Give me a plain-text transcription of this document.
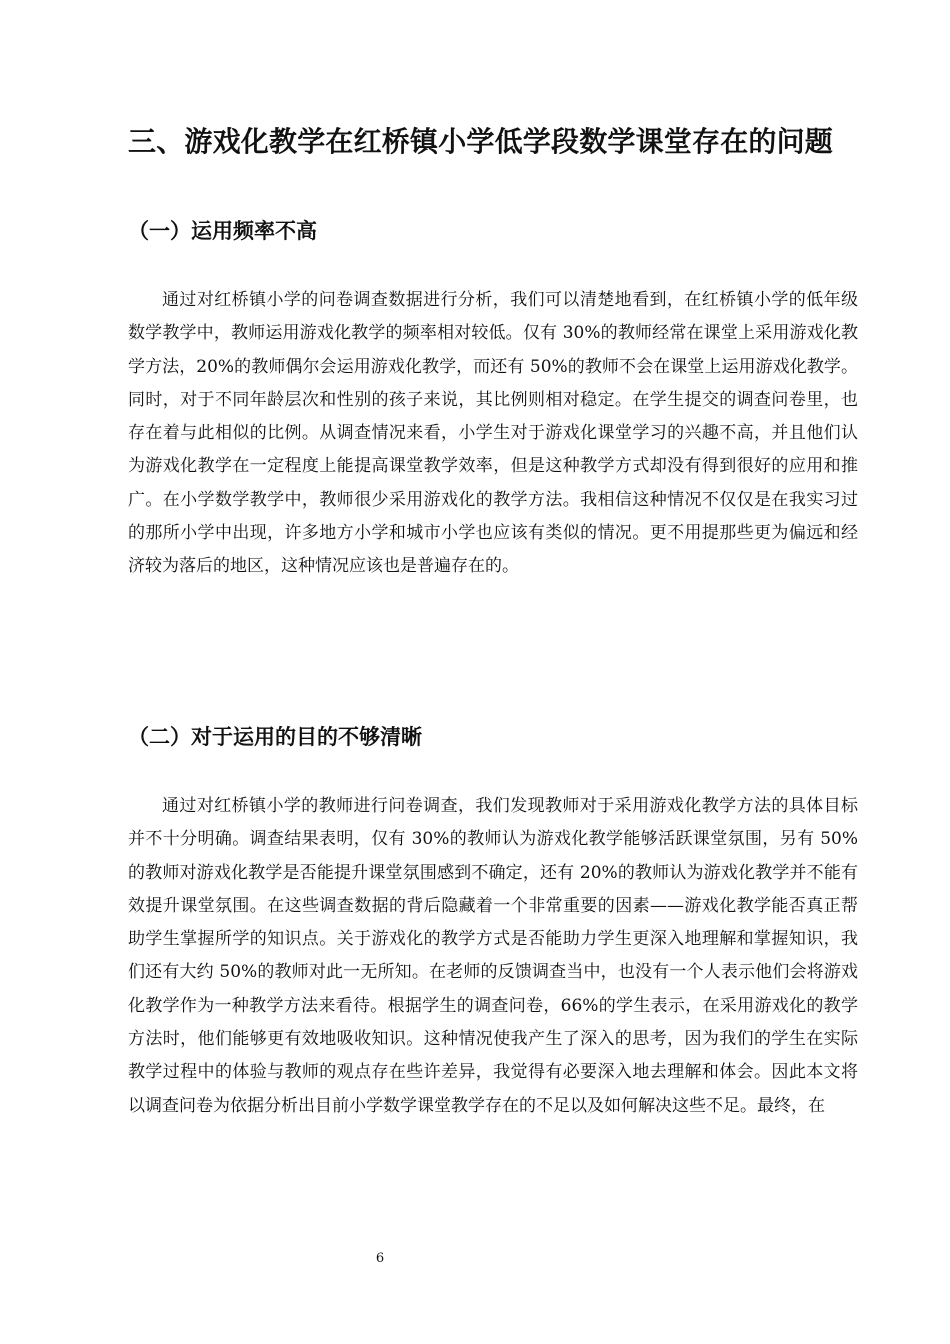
三、游戏化教学在红桥镇小学低学段数学课堂存在的问题
（一）运用频率不高

通过对红桥镇小学的问卷调查数据进行分析，我们可以清楚地看到，在红桥镇小学的低年级数学教学中，教师运用游戏化教学的频率相对较低。仅有 30%的教师经常在课堂上采用游戏化教学方法，20%的教师偶尔会运用游戏化教学，而还有 50%的教师不会在课堂上运用游戏化教学。同时，对于不同年龄层次和性别的孩子来说，其比例则相对稳定。在学生提交的调查问卷里，也存在着与此相似的比例。从调查情况来看，小学生对于游戏化课堂学习的兴趣不高，并且他们认为游戏化教学在一定程度上能提高课堂教学效率，但是这种教学方式却没有得到很好的应用和推广。在小学数学教学中，教师很少采用游戏化的教学方法。我相信这种情况不仅仅是在我实习过的那所小学中出现，许多地方小学和城市小学也应该有类似的情况。更不用提那些更为偏远和经济较为落后的地区，这种情况应该也是普遍存在的。

（二）对于运用的目的不够清晰

通过对红桥镇小学的教师进行问卷调查，我们发现教师对于采用游戏化教学方法的具体目标并不十分明确。调查结果表明，仅有 30%的教师认为游戏化教学能够活跃课堂氛围，另有 50%的教师对游戏化教学是否能提升课堂氛围感到不确定，还有 20%的教师认为游戏化教学并不能有效提升课堂氛围。在这些调查数据的背后隐藏着一个非常重要的因素——游戏化教学能否真正帮助学生掌握所学的知识点。关于游戏化的教学方式是否能助力学生更深入地理解和掌握知识，我们还有大约 50%的教师对此一无所知。在老师的反馈调查当中，也没有一个人表示他们会将游戏化教学作为一种教学方法来看待。根据学生的调查问卷，66%的学生表示，在采用游戏化的教学方法时，他们能够更有效地吸收知识。这种情况使我产生了深入的思考，因为我们的学生在实际教学过程中的体验与教师的观点存在些许差异，我觉得有必要深入地去理解和体会。因此本文将以调查问卷为依据分析出目前小学数学课堂教学存在的不足以及如何解决这些不足。最终，在

6
